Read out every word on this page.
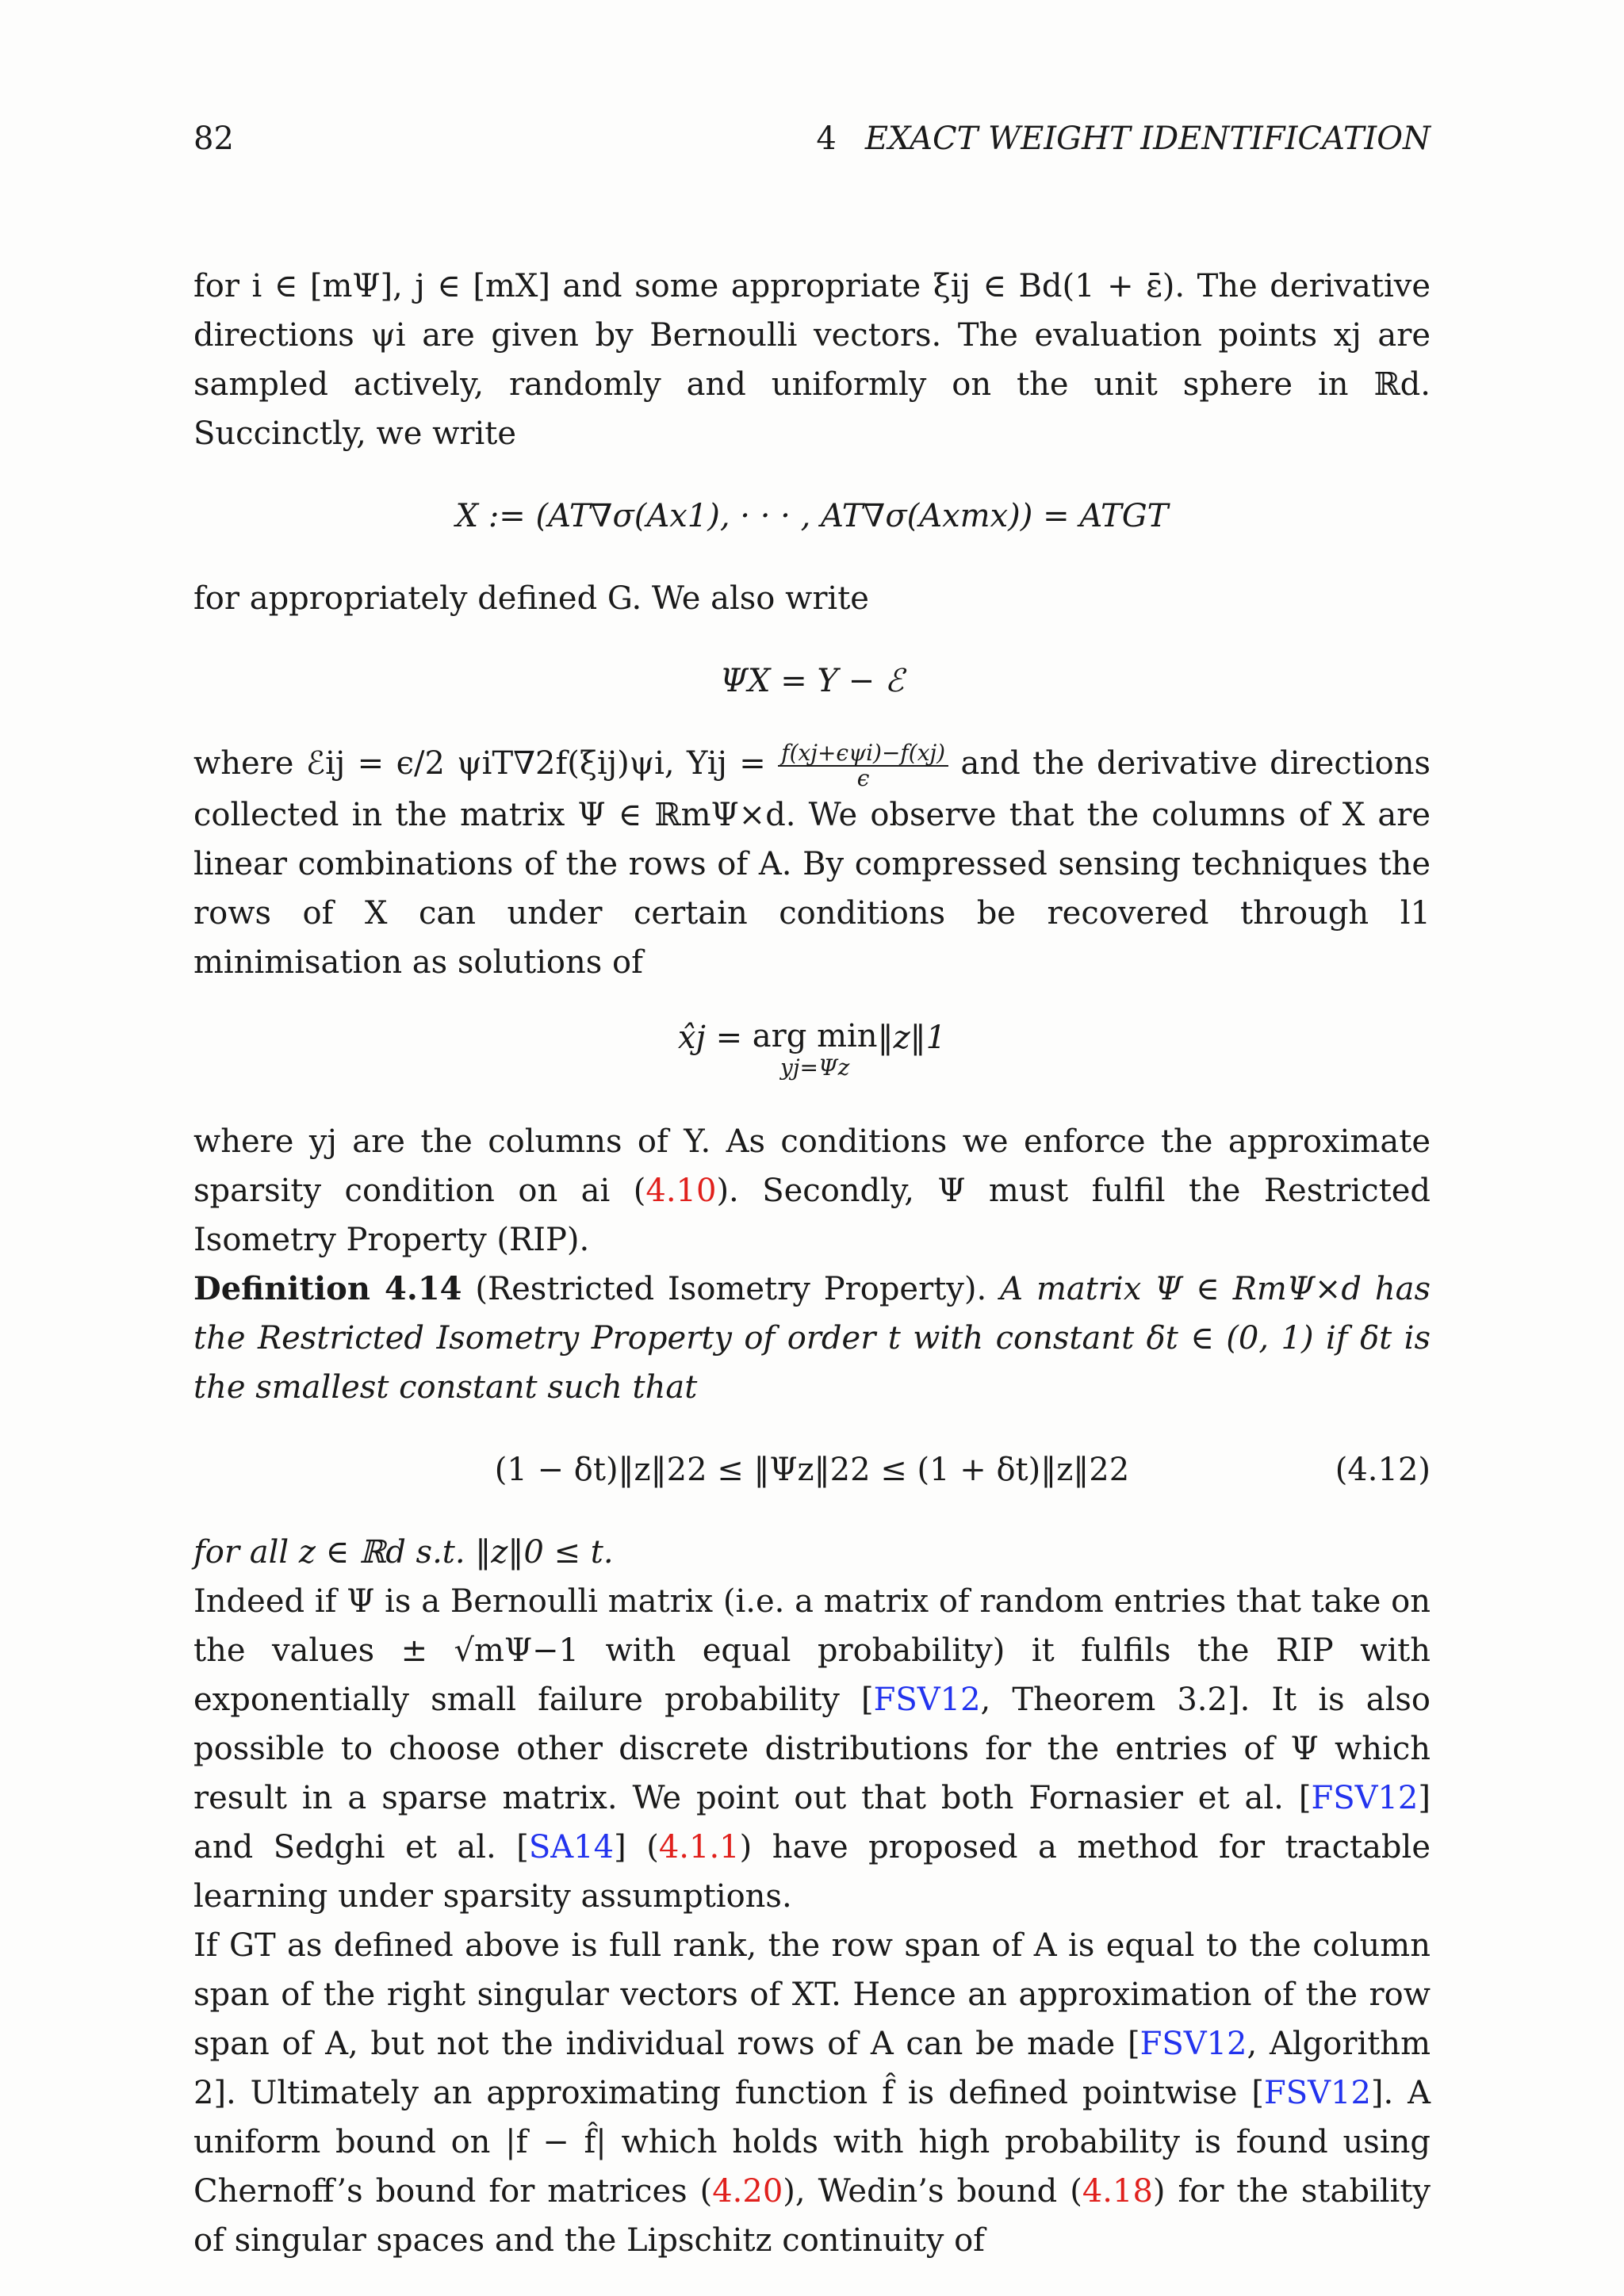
82	4 EXACT WEIGHT IDENTIFICATION

for i ∈ [mΨ], j ∈ [mX] and some appropriate ξij ∈ Bd(1 + ε̄). The derivative directions ψi are given by Bernoulli vectors. The evaluation points xj are sampled actively, randomly and uniformly on the unit sphere in ℝd. Succinctly, we write

X := (AT∇σ(Ax1), · · · , AT∇σ(Axmx)) = ATGT

for appropriately defined G. We also write

ΨX = Y − ℰ

where ℰij = ϵ/2 ψiT∇2f(ξij)ψi, Yij = $\frac{\text{f(xj+ϵψi)−f(xj)}}{\epsilon}$ and the derivative directions collected in the matrix Ψ ∈ ℝmΨ×d. We observe that the columns of X are linear combinations of the rows of A. By compressed sensing techniques the rows of X can under certain conditions be recovered through l1 minimisation as solutions of

x̂j = arg min
yj=Ψz
‖z‖1

where yj are the columns of Y. As conditions we enforce the approximate sparsity condition on ai (4.10). Secondly, Ψ must fulfil the Restricted Isometry Property (RIP).

Definition 4.14 (Restricted Isometry Property). A matrix Ψ ∈ RmΨ×d has the Restricted Isometry Property of order t with constant δt ∈ (0, 1) if δt is the smallest constant such that

(1 − δt)‖z‖22 ≤ ‖Ψz‖22 ≤ (1 + δt)‖z‖22	(4.12)

for all z ∈ ℝd s.t. ‖z‖0 ≤ t.

Indeed if Ψ is a Bernoulli matrix (i.e. a matrix of random entries that take on the values ± √mΨ−1 with equal probability) it fulfils the RIP with exponentially small failure probability [FSV12, Theorem 3.2]. It is also possible to choose other discrete distributions for the entries of Ψ which result in a sparse matrix. We point out that both Fornasier et al. [FSV12] and Sedghi et al. [SA14] (4.1.1) have proposed a method for tractable learning under sparsity assumptions.

If GT as defined above is full rank, the row span of A is equal to the column span of the right singular vectors of XT. Hence an approximation of the row span of A, but not the individual rows of A can be made [FSV12, Algorithm 2]. Ultimately an approximating function f̂ is defined pointwise [FSV12]. A uniform bound on |f − f̂| which holds with high probability is found using Chernoff’s bound for matrices (4.20), Wedin’s bound (4.18) for the stability of singular spaces and the Lipschitz continuity of
